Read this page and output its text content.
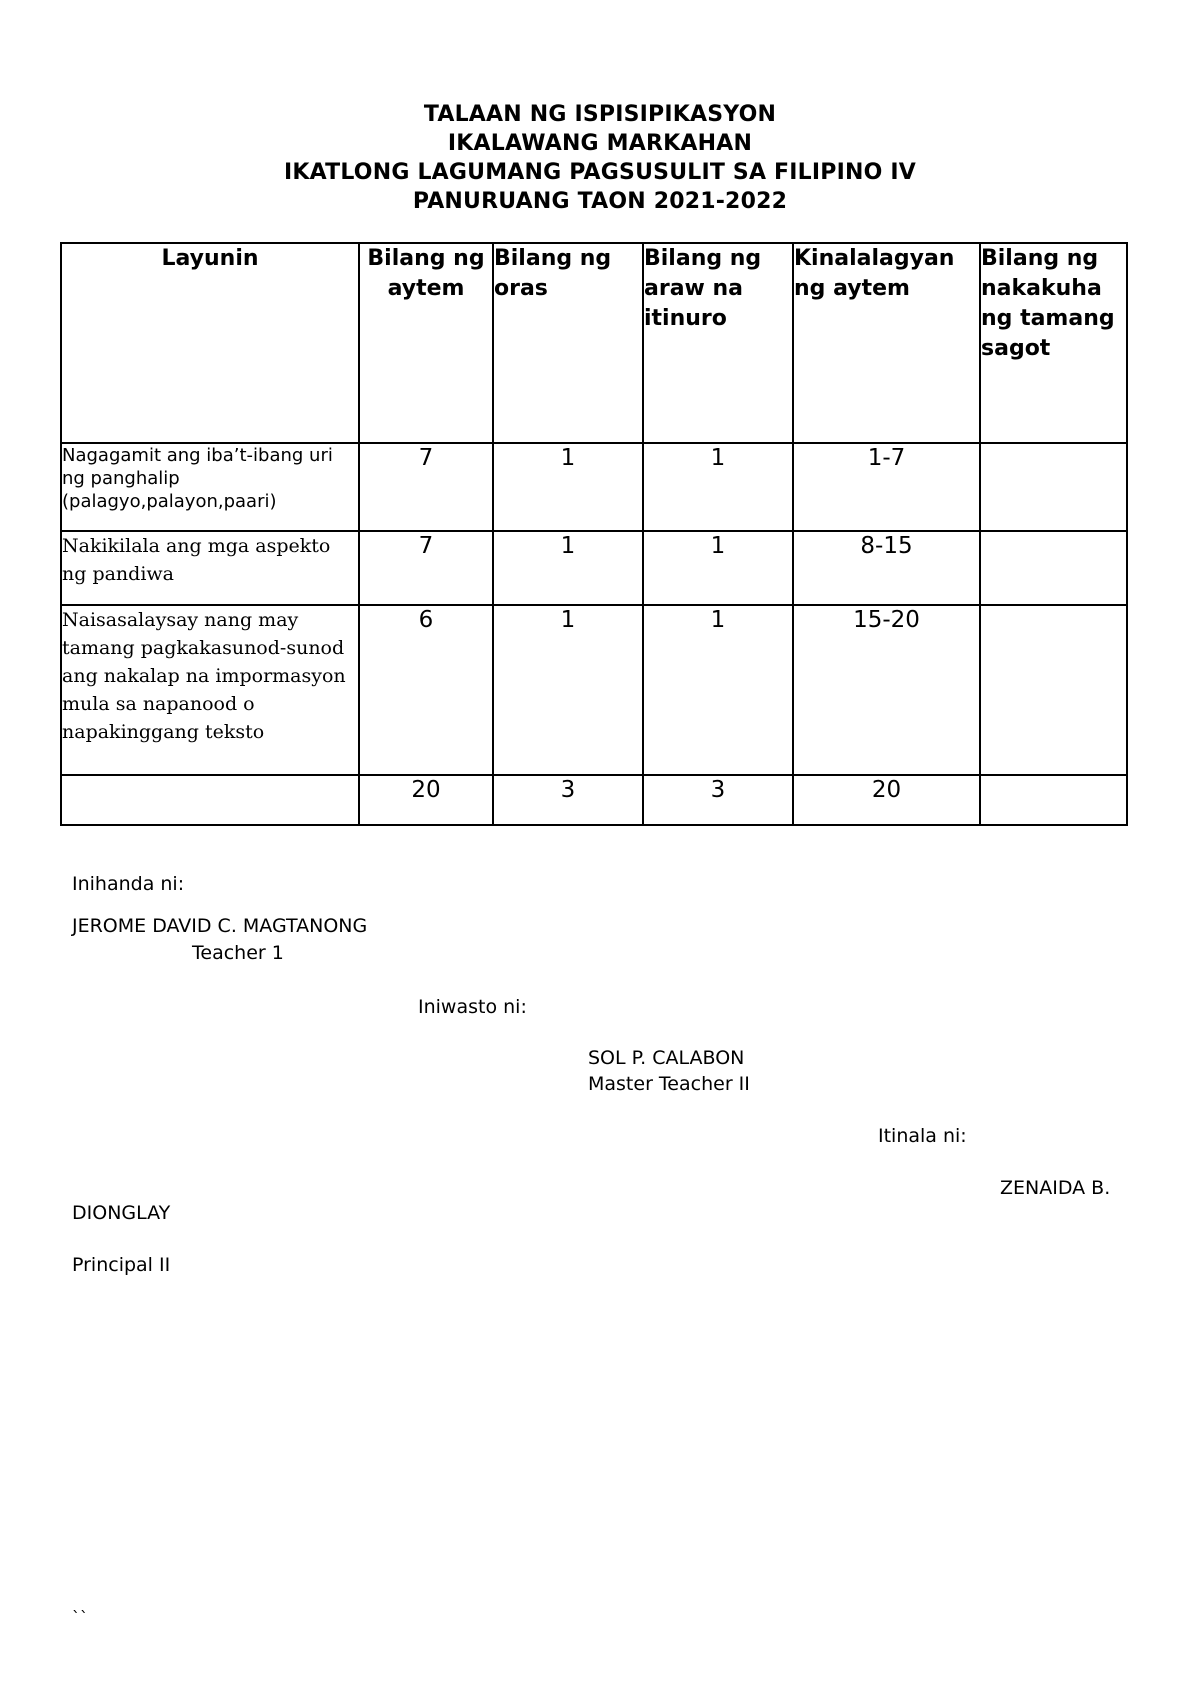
TALAAN NG ISPISIPIKASYON
IKALAWANG MARKAHAN
IKATLONG LAGUMANG PAGSUSULIT SA FILIPINO IV
PANURUANG TAON 2021-2022
Layunin	Bilang ng aytem	Bilang ng oras	Bilang ng araw na itinuro	Kinalalagyan ng aytem	Bilang ng nakakuha ng tamang sagot
Nagagamit ang iba’t-ibang uri ng panghalip (palagyo,palayon,paari)	7	1	1	1-7	
Nakikilala ang mga aspekto ng pandiwa	7	1	1	8-15	
Naisasalaysay nang may tamang pagkakasunod-sunod ang nakalap na impormasyon mula sa napanood o napakinggang teksto	6	1	1	15-20	
	20	3	3	20	
Inihanda ni:
JEROME DAVID C. MAGTANONG
Teacher 1
Iniwasto ni:
SOL P. CALABON
Master Teacher II
Itinala ni:
ZENAIDA B.
DIONGLAY
Principal II
``
